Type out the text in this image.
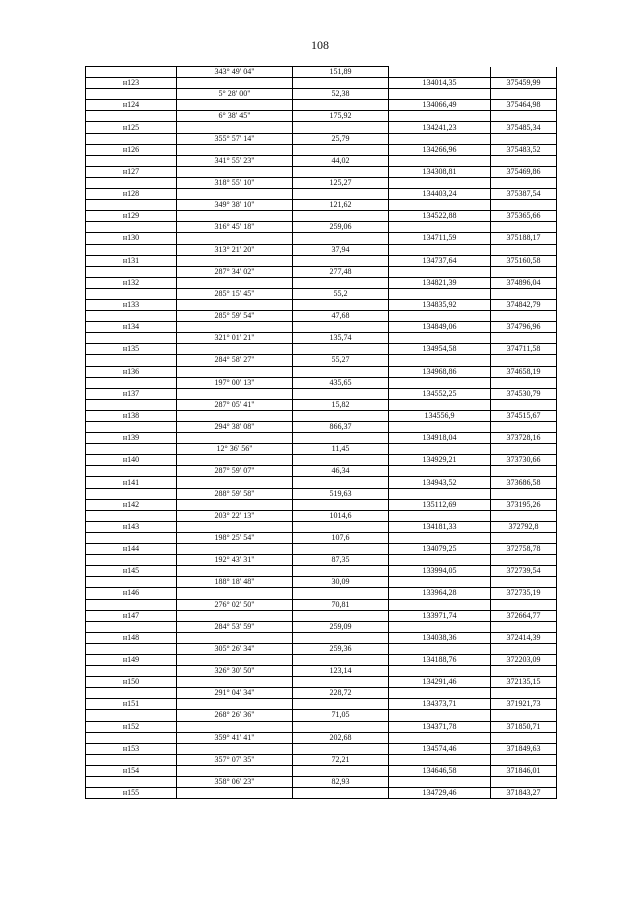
108
	343° 49' 04"	151,89		
н123			134014,35	375459,99
	5° 28' 00"	52,38		
н124			134066,49	375464,98
	6° 38' 45"	175,92		
н125			134241,23	375485,34
	355° 57' 14"	25,79		
н126			134266,96	375483,52
	341° 55' 23"	44,02		
н127			134308,81	375469,86
	318° 55' 10"	125,27		
н128			134403,24	375387,54
	349° 38' 10"	121,62		
н129			134522,88	375365,66
	316° 45' 18"	259,06		
н130			134711,59	375188,17
	313° 21' 20"	37,94		
н131			134737,64	375160,58
	287° 34' 02"	277,48		
н132			134821,39	374896,04
	285° 15' 45"	55,2		
н133			134835,92	374842,79
	285° 59' 54"	47,68		
н134			134849,06	374796,96
	321° 01' 21"	135,74		
н135			134954,58	374711,58
	284° 58' 27"	55,27		
н136			134968,86	374658,19
	197° 00' 13"	435,65		
н137			134552,25	374530,79
	287° 05' 41"	15,82		
н138			134556,9	374515,67
	294° 38' 08"	866,37		
н139			134918,04	373728,16
	12° 36' 56"	11,45		
н140			134929,21	373730,66
	287° 59' 07"	46,34		
н141			134943,52	373686,58
	288° 59' 58"	519,63		
н142			135112,69	373195,26
	203° 22' 13"	1014,6		
н143			134181,33	372792,8
	198° 25' 54"	107,6		
н144			134079,25	372758,78
	192° 43' 31"	87,35		
н145			133994,05	372739,54
	188° 18' 48"	30,09		
н146			133964,28	372735,19
	276° 02' 50"	70,81		
н147			133971,74	372664,77
	284° 53' 59"	259,09		
н148			134038,36	372414,39
	305° 26' 34"	259,36		
н149			134188,76	372203,09
	326° 30' 50"	123,14		
н150			134291,46	372135,15
	291° 04' 34"	228,72		
н151			134373,71	371921,73
	268° 26' 36"	71,05		
н152			134371,78	371850,71
	359° 41' 41"	202,68		
н153			134574,46	371849,63
	357° 07' 35"	72,21		
н154			134646,58	371846,01
	358° 06' 23"	82,93		
н155			134729,46	371843,27
